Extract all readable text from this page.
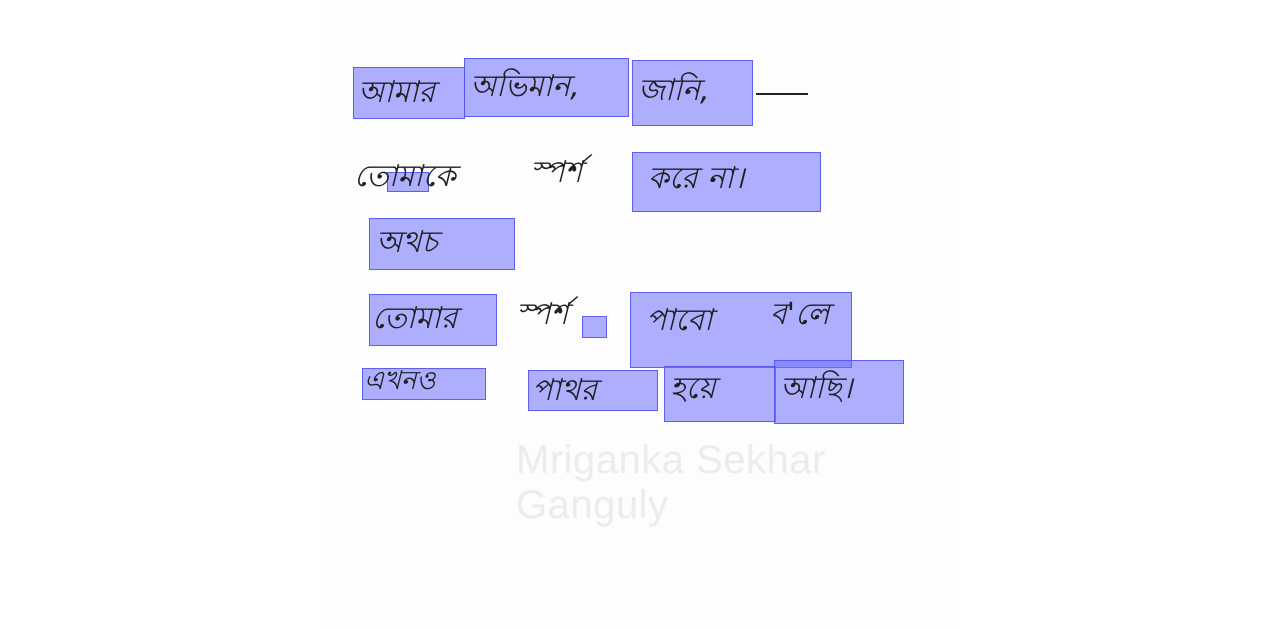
আমার অভিমান, জানি,
তোমাকে স্পর্শ করে না।
অথচ
তোমার স্পর্শ	পাবো ব'লে
এখনও	পাথর হয়ে আছি।
Mriganka Sekhar Ganguly
